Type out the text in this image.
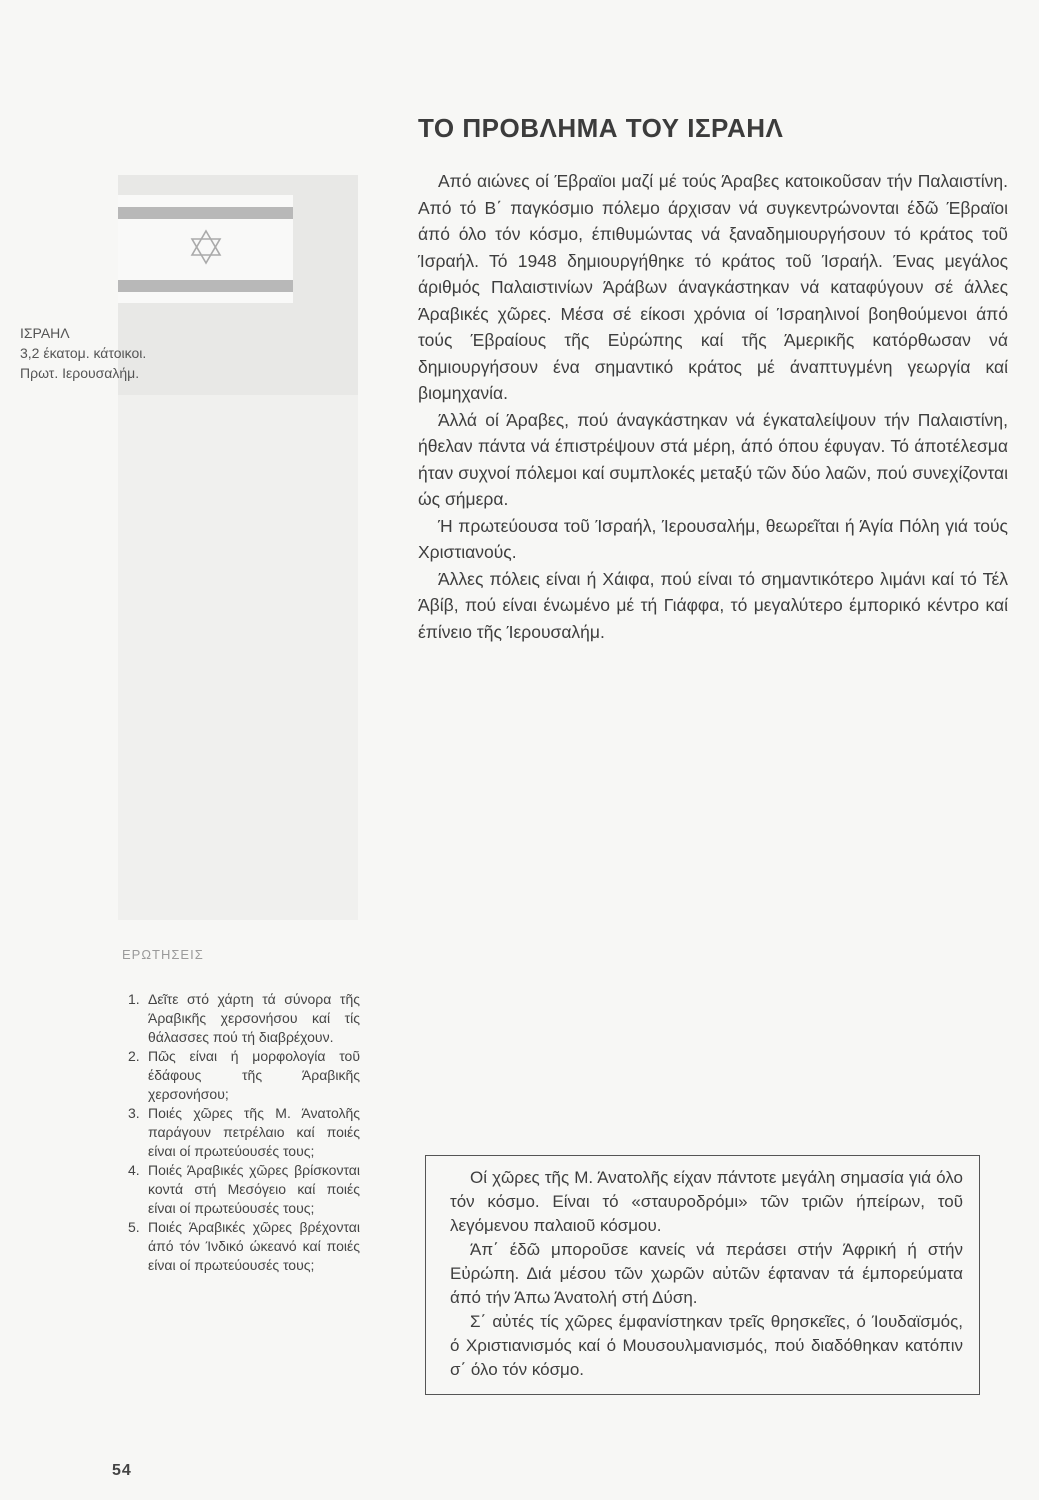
ΙΣΡΑΗΛ
3,2 έκατομ. κάτοικοι.
Πρωτ. Ιερουσαλήμ.
ΤΟ ΠΡΟΒΛΗΜΑ ΤΟΥ ΙΣΡΑΗΛ

Από αιώνες οί Έβραϊοι μαζί μέ τούς Άραβες κατοικοῦσαν τήν Παλαιστίνη. Από τό Β΄ παγκόσμιο πόλεμο άρχισαν νά συγκεντρώνονται έδῶ Έβραϊοι άπό όλο τόν κόσμο, έπιθυμώντας νά ξαναδημιουργήσουν τό κράτος τοῦ Ίσραήλ. Τό 1948 δημιουργήθηκε τό κράτος τοῦ Ίσραήλ. Ένας μεγάλος άριθμός Παλαιστινίων Άράβων άναγκάστηκαν νά καταφύγουν σέ άλλες Άραβικές χῶρες. Μέσα σέ είκοσι χρόνια οί Ίσραηλινοί βοηθούμενοι άπό τούς Έβραίους τῆς Εὐρώπης καί τῆς Άμερικῆς κατόρθωσαν νά δημιουργήσουν ένα σημαντικό κράτος μέ άναπτυγμένη γεωργία καί βιομηχανία.

Άλλά οί Άραβες, πού άναγκάστηκαν νά έγκαταλείψουν τήν Παλαιστίνη, ήθελαν πάντα νά έπιστρέψουν στά μέρη, άπό όπου έφυγαν. Τό άποτέλεσμα ήταν συχνοί πόλεμοι καί συμπλοκές μεταξύ τῶν δύο λαῶν, πού συνεχίζονται ώς σήμερα.

Ή πρωτεύουσα τοῦ Ίσραήλ, Ίερουσαλήμ, θεωρεῖται ή Άγία Πόλη γιά τούς Χριστιανούς.

Άλλες πόλεις είναι ή Χάιφα, πού είναι τό σημαντικότερο λιμάνι καί τό Τέλ Άβίβ, πού είναι ένωμένο μέ τή Γιάφφα, τό μεγαλύτερο έμπορικό κέντρο καί έπίνειο τῆς Ίερουσαλήμ.

ΕΡΩΤΗΣΕΙΣ
1. Δεῖτε στό χάρτη τά σύνορα τῆς Άραβικῆς χερσονήσου καί τίς θάλασσες πού τή διαβρέχουν.
2. Πῶς είναι ή μορφολογία τοῦ έδάφους τῆς Άραβικῆς χερσονήσου;
3. Ποιές χῶρες τῆς Μ. Άνατολῆς παράγουν πετρέλαιο καί ποιές είναι οί πρωτεύουσές τους;
4. Ποιές Άραβικές χῶρες βρίσκονται κοντά στή Μεσόγειο καί ποιές είναι οί πρωτεύουσές τους;
5. Ποιές Άραβικές χῶρες βρέχονται άπό τόν Ίνδικό ώκεανό καί ποιές είναι οί πρωτεύουσές τους;

Οί χῶρες τῆς Μ. Άνατολῆς είχαν πάντοτε μεγάλη σημασία γιά όλο τόν κόσμο. Είναι τό «σταυροδρόμι» τῶν τριῶν ήπείρων, τοῦ λεγόμενου παλαιοῦ κόσμου.

Άπ΄ έδῶ μποροῦσε κανείς νά περάσει στήν Άφρική ή στήν Εὐρώπη. Διά μέσου τῶν χωρῶν αὐτῶν έφταναν τά έμπορεύματα άπό τήν Άπω Άνατολή στή Δύση.

Σ΄ αὐτές τίς χῶρες έμφανίστηκαν τρεῖς θρησκεῖες, ό Ίουδαϊσμός, ό Χριστιανισμός καί ό Μουσουλμανισμός, πού διαδόθηκαν κατόπιν σ΄ όλο τόν κόσμο.

54
